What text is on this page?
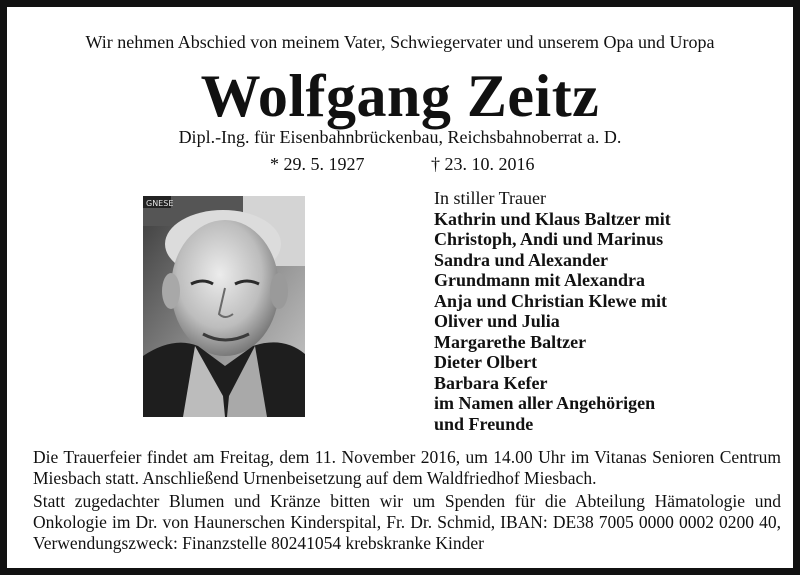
Wir nehmen Abschied von meinem Vater, Schwiegervater und unserem Opa und Uropa
Wolfgang Zeitz
Dipl.-Ing. für Eisenbahnbrückenbau, Reichsbahnoberrat a. D.
* 29. 5. 1927	† 23. 10. 2016
GNESE	In stiller Trauer
Kathrin und Klaus Baltzer mit
Christoph, Andi und Marinus
Sandra und Alexander
Grundmann mit Alexandra
Anja und Christian Klewe mit
Oliver und Julia
Margarethe Baltzer
Dieter Olbert
Barbara Kefer
im Namen aller Angehörigen
und Freunde
Die Trauerfeier findet am Freitag, dem 11. November 2016, um 14.00 Uhr im Vitanas Senioren Centrum Miesbach statt. Anschließend Urnenbeisetzung auf dem Waldfriedhof Miesbach.
Statt zugedachter Blumen und Kränze bitten wir um Spenden für die Abteilung Hämatologie und Onkologie im Dr. von Haunerschen Kinderspital, Fr. Dr. Schmid, IBAN: DE38 7005 0000 0002 0200 40, Verwendungszweck: Finanzstelle 80241054 krebskranke Kinder
